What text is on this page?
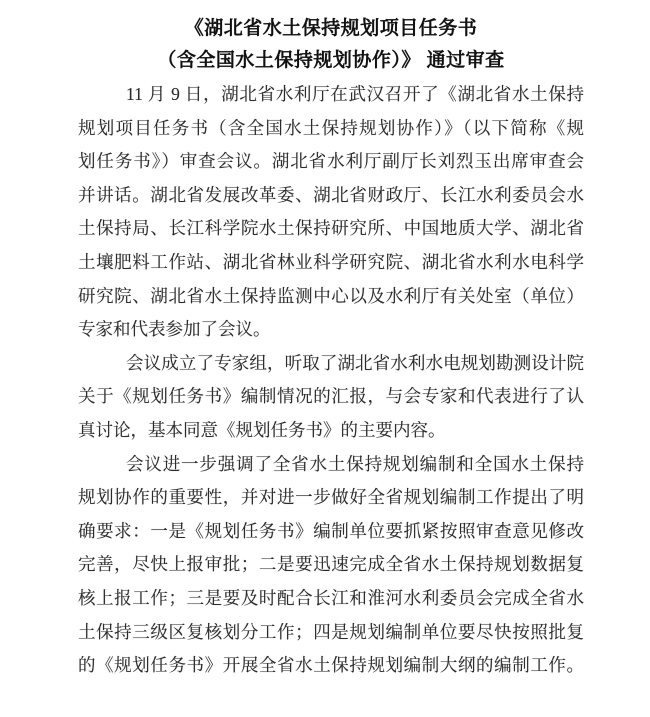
《湖北省水土保持规划项目任务书
（含全国水土保持规划协作）》 通过审查
11 月 9 日，湖北省水利厅在武汉召开了《湖北省水土保持
规划项目任务书（含全国水土保持规划协作）》（以下简称《规
划任务书》）审查会议。湖北省水利厅副厅长刘烈玉出席审查会
并讲话。湖北省发展改革委、湖北省财政厅、长江水利委员会水
土保持局、长江科学院水土保持研究所、中国地质大学、湖北省
土壤肥料工作站、湖北省林业科学研究院、湖北省水利水电科学
研究院、湖北省水土保持监测中心以及水利厅有关处室（单位）
专家和代表参加了会议。
会议成立了专家组，听取了湖北省水利水电规划勘测设计院
关于《规划任务书》编制情况的汇报，与会专家和代表进行了认
真讨论，基本同意《规划任务书》的主要内容。
会议进一步强调了全省水土保持规划编制和全国水土保持
规划协作的重要性，并对进一步做好全省规划编制工作提出了明
确要求：一是《规划任务书》编制单位要抓紧按照审查意见修改
完善，尽快上报审批；二是要迅速完成全省水土保持规划数据复
核上报工作；三是要及时配合长江和淮河水利委员会完成全省水
土保持三级区复核划分工作；四是规划编制单位要尽快按照批复
的《规划任务书》开展全省水土保持规划编制大纲的编制工作。
